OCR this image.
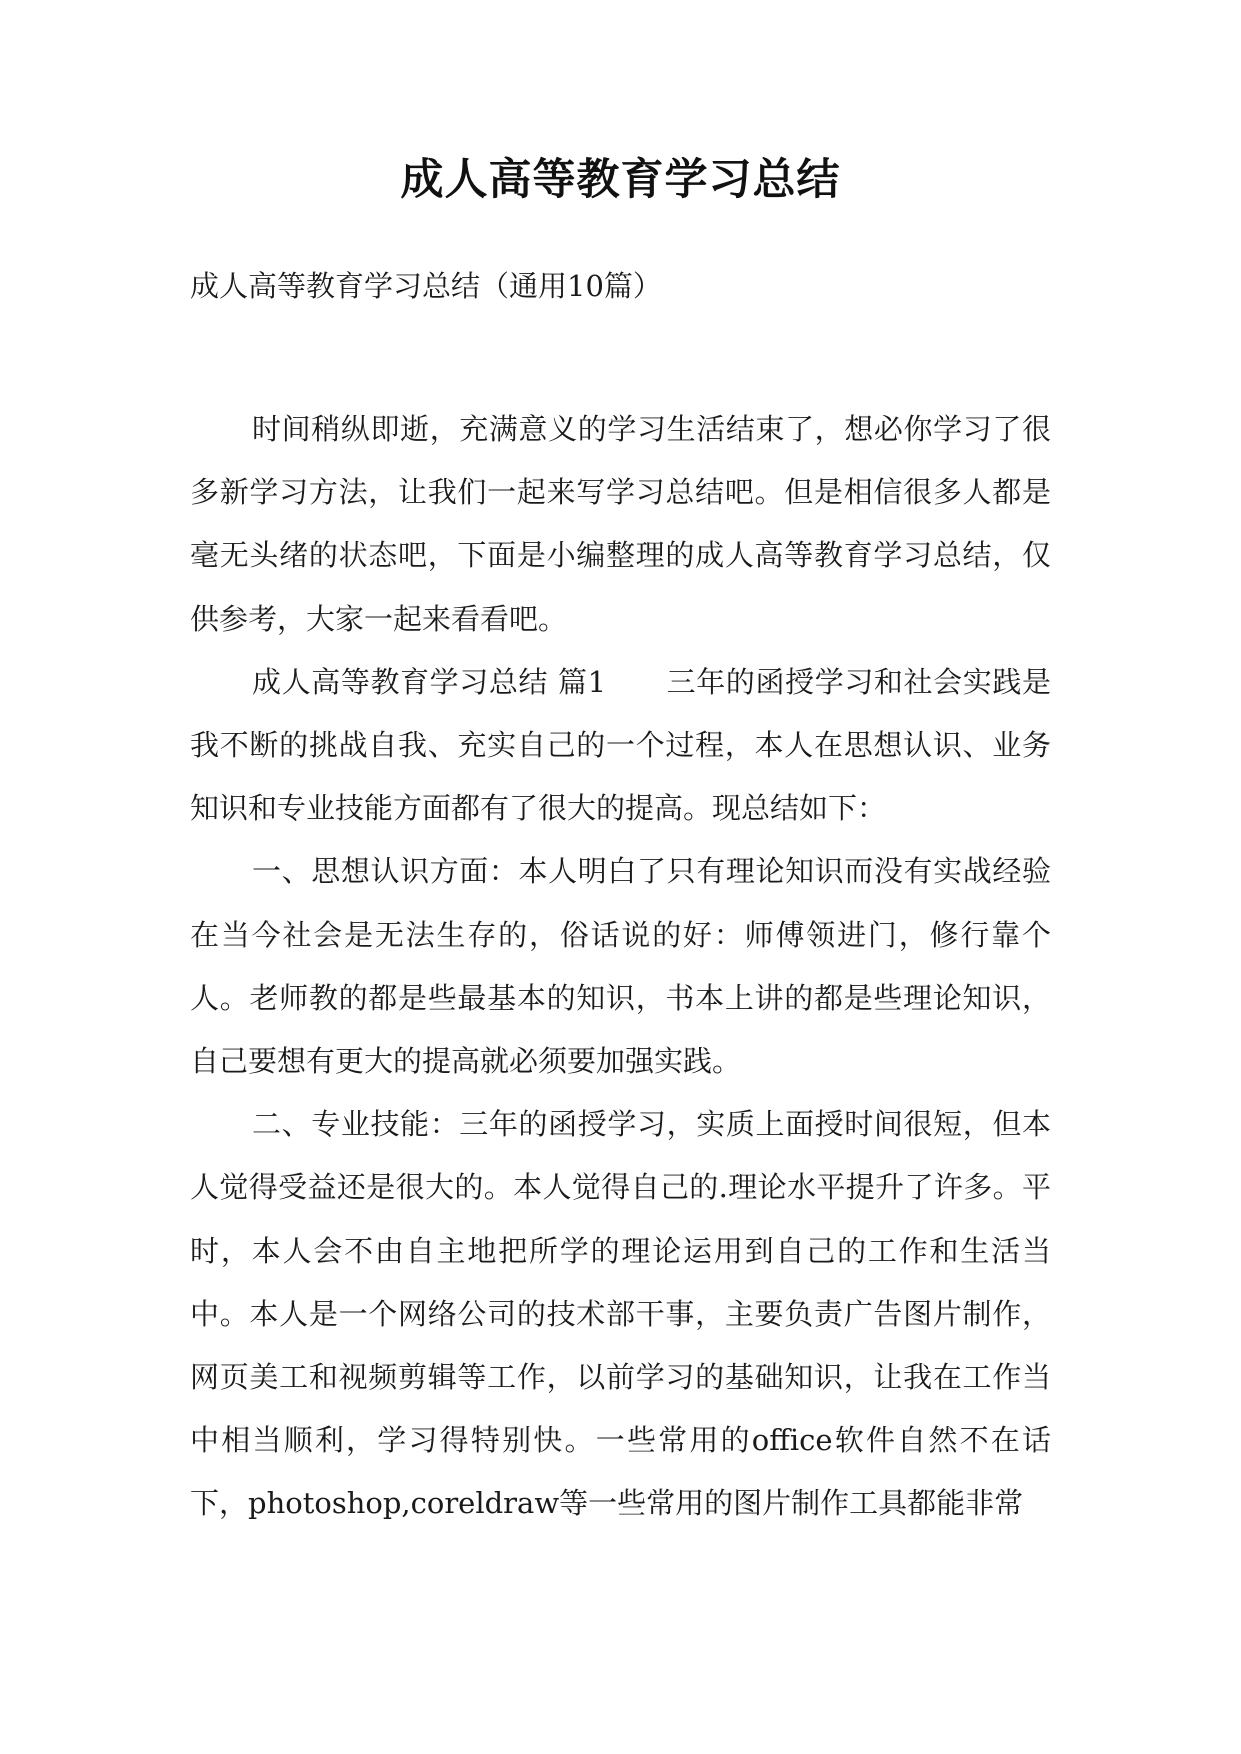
成人高等教育学习总结

成人高等教育学习总结（通用10篇）

时间稍纵即逝，充满意义的学习生活结束了，想必你学习了很多新学习方法，让我们一起来写学习总结吧。但是相信很多人都是毫无头绪的状态吧，下面是小编整理的成人高等教育学习总结，仅供参考，大家一起来看看吧。

成人高等教育学习总结 篇1 三年的函授学习和社会实践是我不断的挑战自我、充实自己的一个过程，本人在思想认识、业务知识和专业技能方面都有了很大的提高。现总结如下：

一、思想认识方面：本人明白了只有理论知识而没有实战经验在当今社会是无法生存的，俗话说的好：师傅领进门，修行靠个人。老师教的都是些最基本的知识，书本上讲的都是些理论知识，自己要想有更大的提高就必须要加强实践。

二、专业技能：三年的函授学习，实质上面授时间很短，但本人觉得受益还是很大的。本人觉得自己的.理论水平提升了许多。平时，本人会不由自主地把所学的理论运用到自己的工作和生活当中。本人是一个网络公司的技术部干事，主要负责广告图片制作，网页美工和视频剪辑等工作，以前学习的基础知识，让我在工作当中相当顺利，学习得特别快。一些常用的office软件自然不在话下，photoshop,coreldraw等一些常用的图片制作工具都能非常
